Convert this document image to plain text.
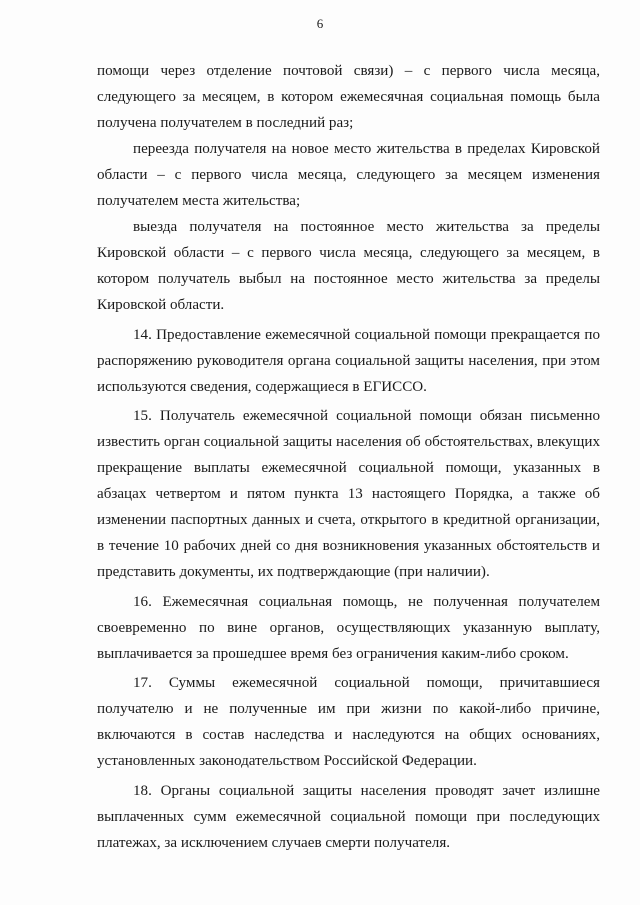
6

помощи через отделение почтовой связи) – с первого числа месяца, следующего за месяцем, в котором ежемесячная социальная помощь была получена получателем в последний раз;

переезда получателя на новое место жительства в пределах Кировской области – с первого числа месяца, следующего за месяцем изменения получателем места жительства;

выезда получателя на постоянное место жительства за пределы Кировской области – с первого числа месяца, следующего за месяцем, в котором получатель выбыл на постоянное место жительства за пределы Кировской области.

14. Предоставление ежемесячной социальной помощи прекращается по распоряжению руководителя органа социальной защиты населения, при этом используются сведения, содержащиеся в ЕГИССО.

15. Получатель ежемесячной социальной помощи обязан письменно известить орган социальной защиты населения об обстоятельствах, влекущих прекращение выплаты ежемесячной социальной помощи, указанных в абзацах четвертом и пятом пункта 13 настоящего Порядка, а также об изменении паспортных данных и счета, открытого в кредитной организации, в течение 10 рабочих дней со дня возникновения указанных обстоятельств и представить документы, их подтверждающие (при наличии).

16. Ежемесячная социальная помощь, не полученная получателем своевременно по вине органов, осуществляющих указанную выплату, выплачивается за прошедшее время без ограничения каким-либо сроком.

17. Суммы ежемесячной социальной помощи, причитавшиеся получателю и не полученные им при жизни по какой-либо причине, включаются в состав наследства и наследуются на общих основаниях, установленных законодательством Российской Федерации.

18. Органы социальной защиты населения проводят зачет излишне выплаченных сумм ежемесячной социальной помощи при последующих платежах, за исключением случаев смерти получателя.
